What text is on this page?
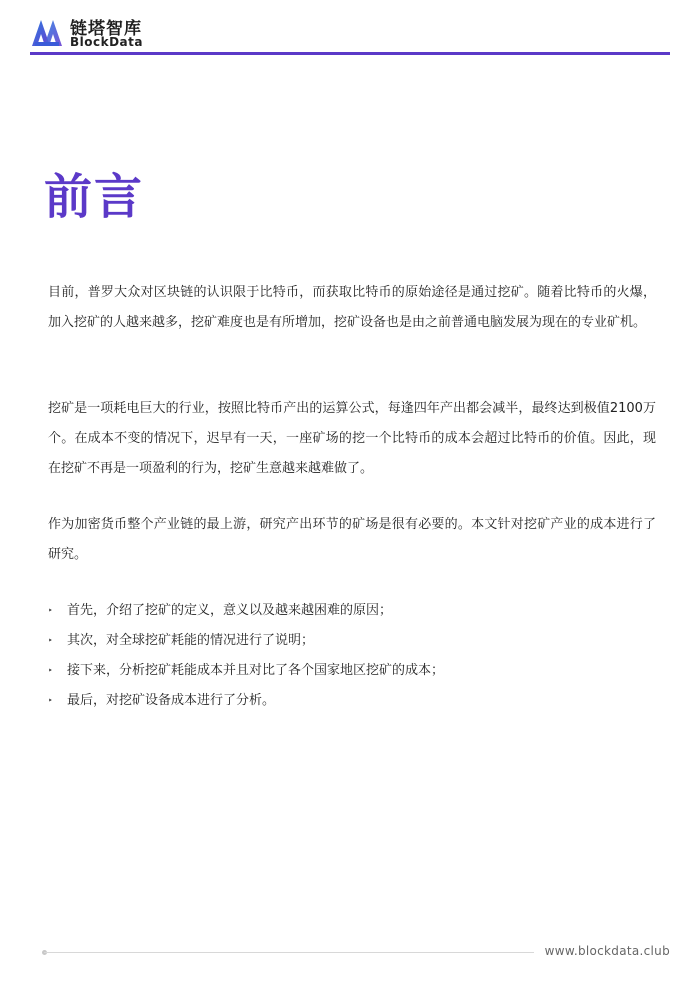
链塔智库
BlockData
前言

目前，普罗大众对区块链的认识限于比特币，而获取比特币的原始途径是通过挖矿。随着比特币的火爆，加入挖矿的人越来越多，挖矿难度也是有所增加，挖矿设备也是由之前普通电脑发展为现在的专业矿机。

挖矿是一项耗电巨大的行业，按照比特币产出的运算公式，每逢四年产出都会减半，最终达到极值2100万个。在成本不变的情况下，迟早有一天，一座矿场的挖一个比特币的成本会超过比特币的价值。因此，现在挖矿不再是一项盈利的行为，挖矿生意越来越难做了。

作为加密货币整个产业链的最上游，研究产出环节的矿场是很有必要的。本文针对挖矿产业的成本进行了研究。

‣ 首先，介绍了挖矿的定义，意义以及越来越困难的原因；
‣ 其次，对全球挖矿耗能的情况进行了说明；
‣ 接下来，分析挖矿耗能成本并且对比了各个国家地区挖矿的成本；
‣ 最后，对挖矿设备成本进行了分析。
www.blockdata.club
